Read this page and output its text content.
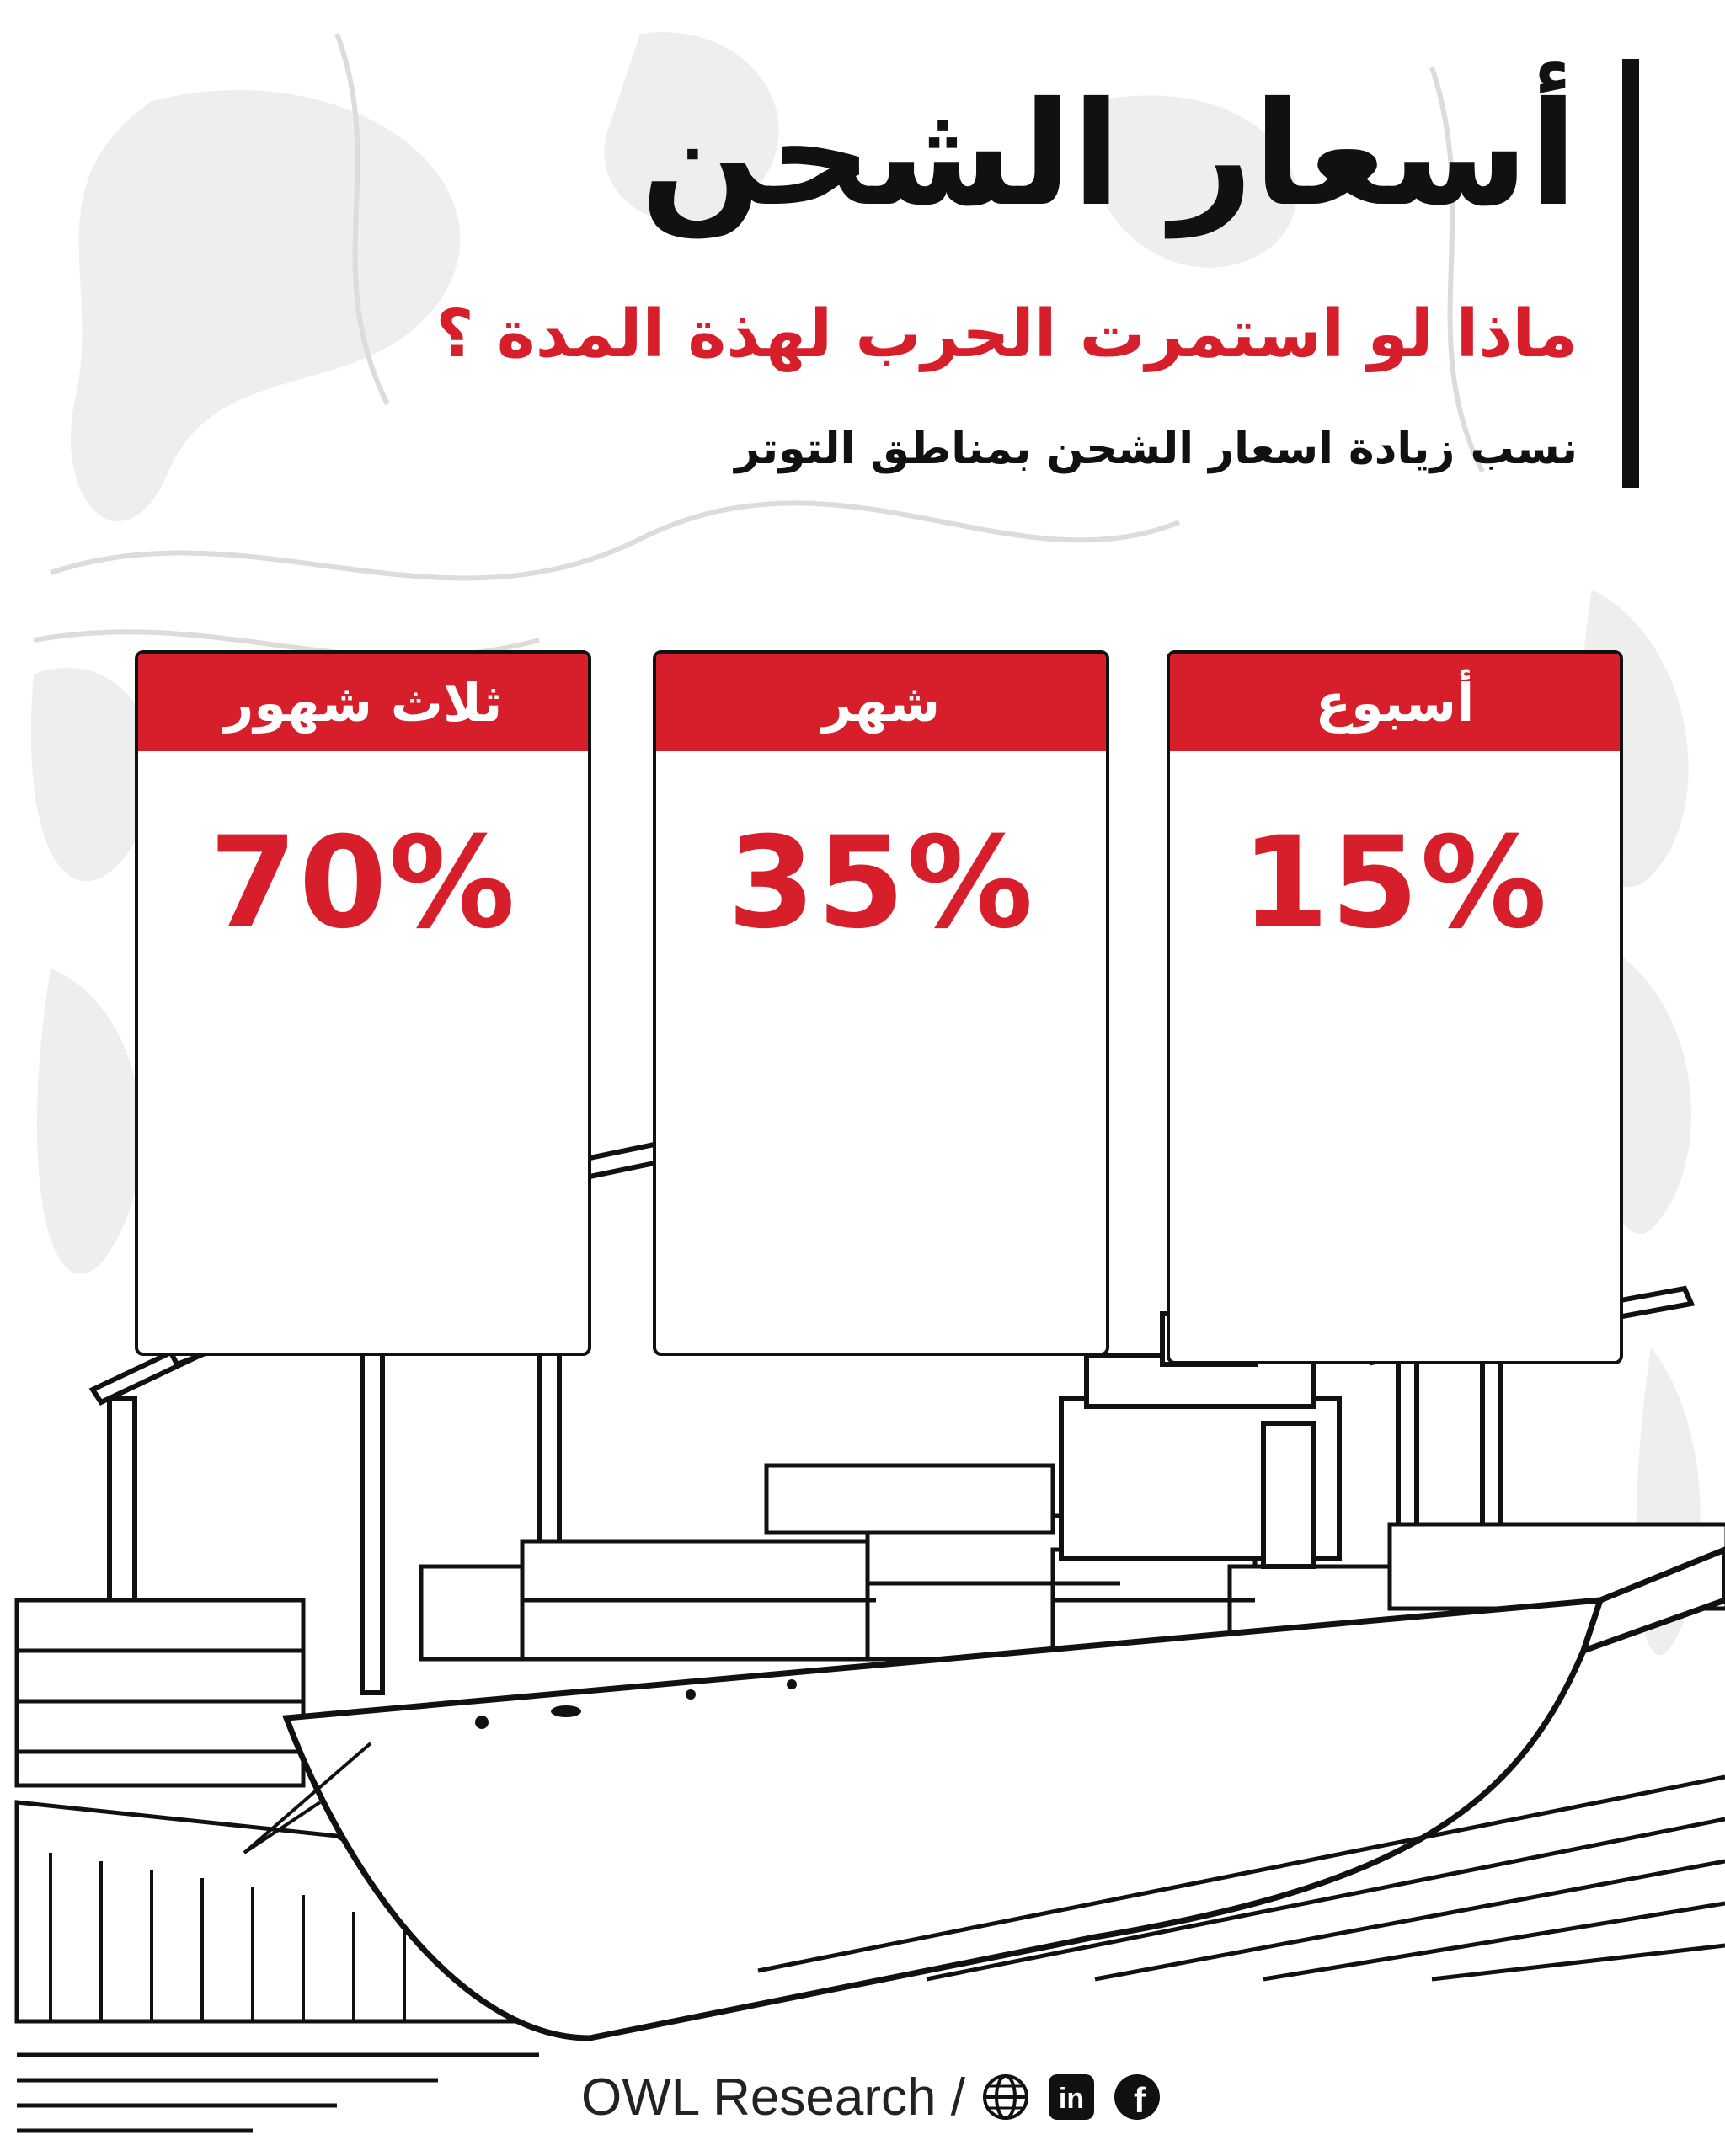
أسعار الشحن
ماذا لو استمرت الحرب لهذة المدة ؟
نسب زيادة اسعار الشحن بمناطق التوتر
أسبوع
15%
شهر
35%
ثلاث شهور
70%
OWL Research /	in f
